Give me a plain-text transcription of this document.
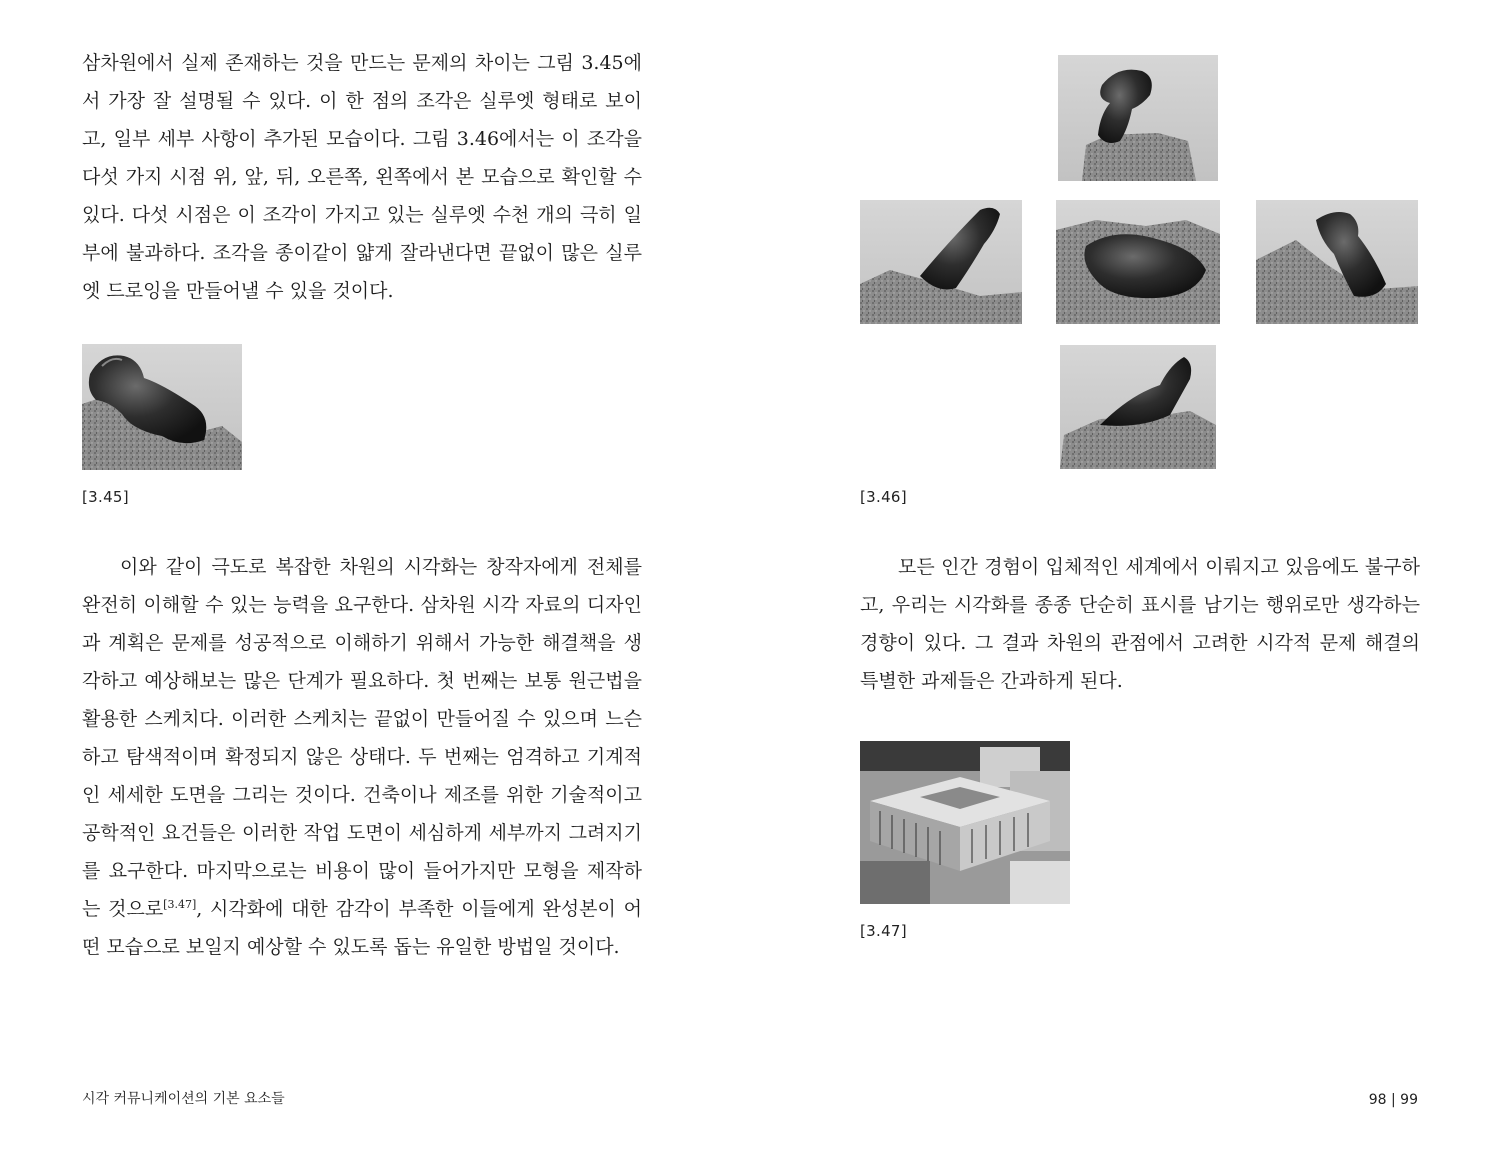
삼차원에서 실제 존재하는 것을 만드는 문제의 차이는 그림 3.45에서 가장 잘 설명될 수 있다. 이 한 점의 조각은 실루엣 형태로 보이고, 일부 세부 사항이 추가된 모습이다. 그림 3.46에서는 이 조각을 다섯 가지 시점 위, 앞, 뒤, 오른쪽, 왼쪽에서 본 모습으로 확인할 수 있다. 다섯 시점은 이 조각이 가지고 있는 실루엣 수천 개의 극히 일부에 불과하다. 조각을 종이같이 얇게 잘라낸다면 끝없이 많은 실루엣 드로잉을 만들어낼 수 있을 것이다.

[3.45]

이와 같이 극도로 복잡한 차원의 시각화는 창작자에게 전체를 완전히 이해할 수 있는 능력을 요구한다. 삼차원 시각 자료의 디자인과 계획은 문제를 성공적으로 이해하기 위해서 가능한 해결책을 생각하고 예상해보는 많은 단계가 필요하다. 첫 번째는 보통 원근법을 활용한 스케치다. 이러한 스케치는 끝없이 만들어질 수 있으며 느슨하고 탐색적이며 확정되지 않은 상태다. 두 번째는 엄격하고 기계적인 세세한 도면을 그리는 것이다. 건축이나 제조를 위한 기술적이고 공학적인 요건들은 이러한 작업 도면이 세심하게 세부까지 그려지기를 요구한다. 마지막으로는 비용이 많이 들어가지만 모형을 제작하는 것으로[3.47], 시각화에 대한 감각이 부족한 이들에게 완성본이 어떤 모습으로 보일지 예상할 수 있도록 돕는 유일한 방법일 것이다.

시각 커뮤니케이션의 기본 요소들
[3.46]

모든 인간 경험이 입체적인 세계에서 이뤄지고 있음에도 불구하고, 우리는 시각화를 종종 단순히 표시를 남기는 행위로만 생각하는 경향이 있다. 그 결과 차원의 관점에서 고려한 시각적 문제 해결의 특별한 과제들은 간과하게 된다.

[3.47]
98 | 99
